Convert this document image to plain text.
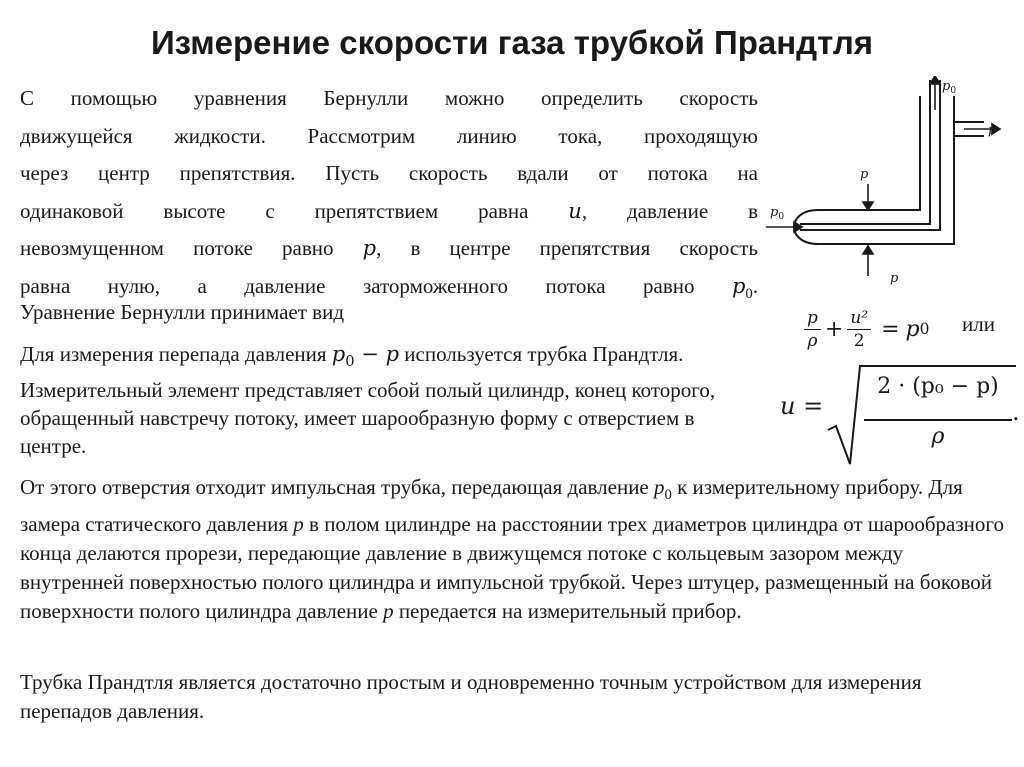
Измерение скорости газа трубкой Прандтля
С помощью уравнения Бернулли можно определить скорость
движущейся жидкости. Рассмотрим линию тока, проходящую
через центр препятствия. Пусть скорость вдали от потока на
одинаковой высоте с препятствием равна u, давление в
невозмущенном потоке равно p, в центре препятствия скорость
равна нулю, а давление заторможенного потока равно $p_0$.
Уравнение Бернулли принимает вид
Для измерения перепада давления $p_0 - p$ используется трубка Прандтля. Измерительный элемент представляет собой полый цилиндр, конец которого, обращенный навстречу потоку, имеет шарообразную форму с отверстием в центре.
От этого отверстия отходит импульсная трубка, передающая давление $p_0$ к измерительному прибору. Для замера статического давления p в полом цилиндре на расстоянии трех диаметров цилиндра от шарообразного конца делаются прорези, передающие давление в движущемся потоке с кольцевым зазором между внутренней поверхностью полого цилиндра и импульсной трубкой. Через штуцер, размещенный на боковой поверхности полого цилиндра давление p передается на измерительный прибор.
Трубка Прандтля является достаточно простым и одновременно точным устройством для измерения перепадов давления.
$p_0$
p
p
$p_0$
p
$\frac{p}{\rho} + \frac{\text{u²}}{2} = p$ 0 или
u =
2 · (p₀ − p)
ρ
.
